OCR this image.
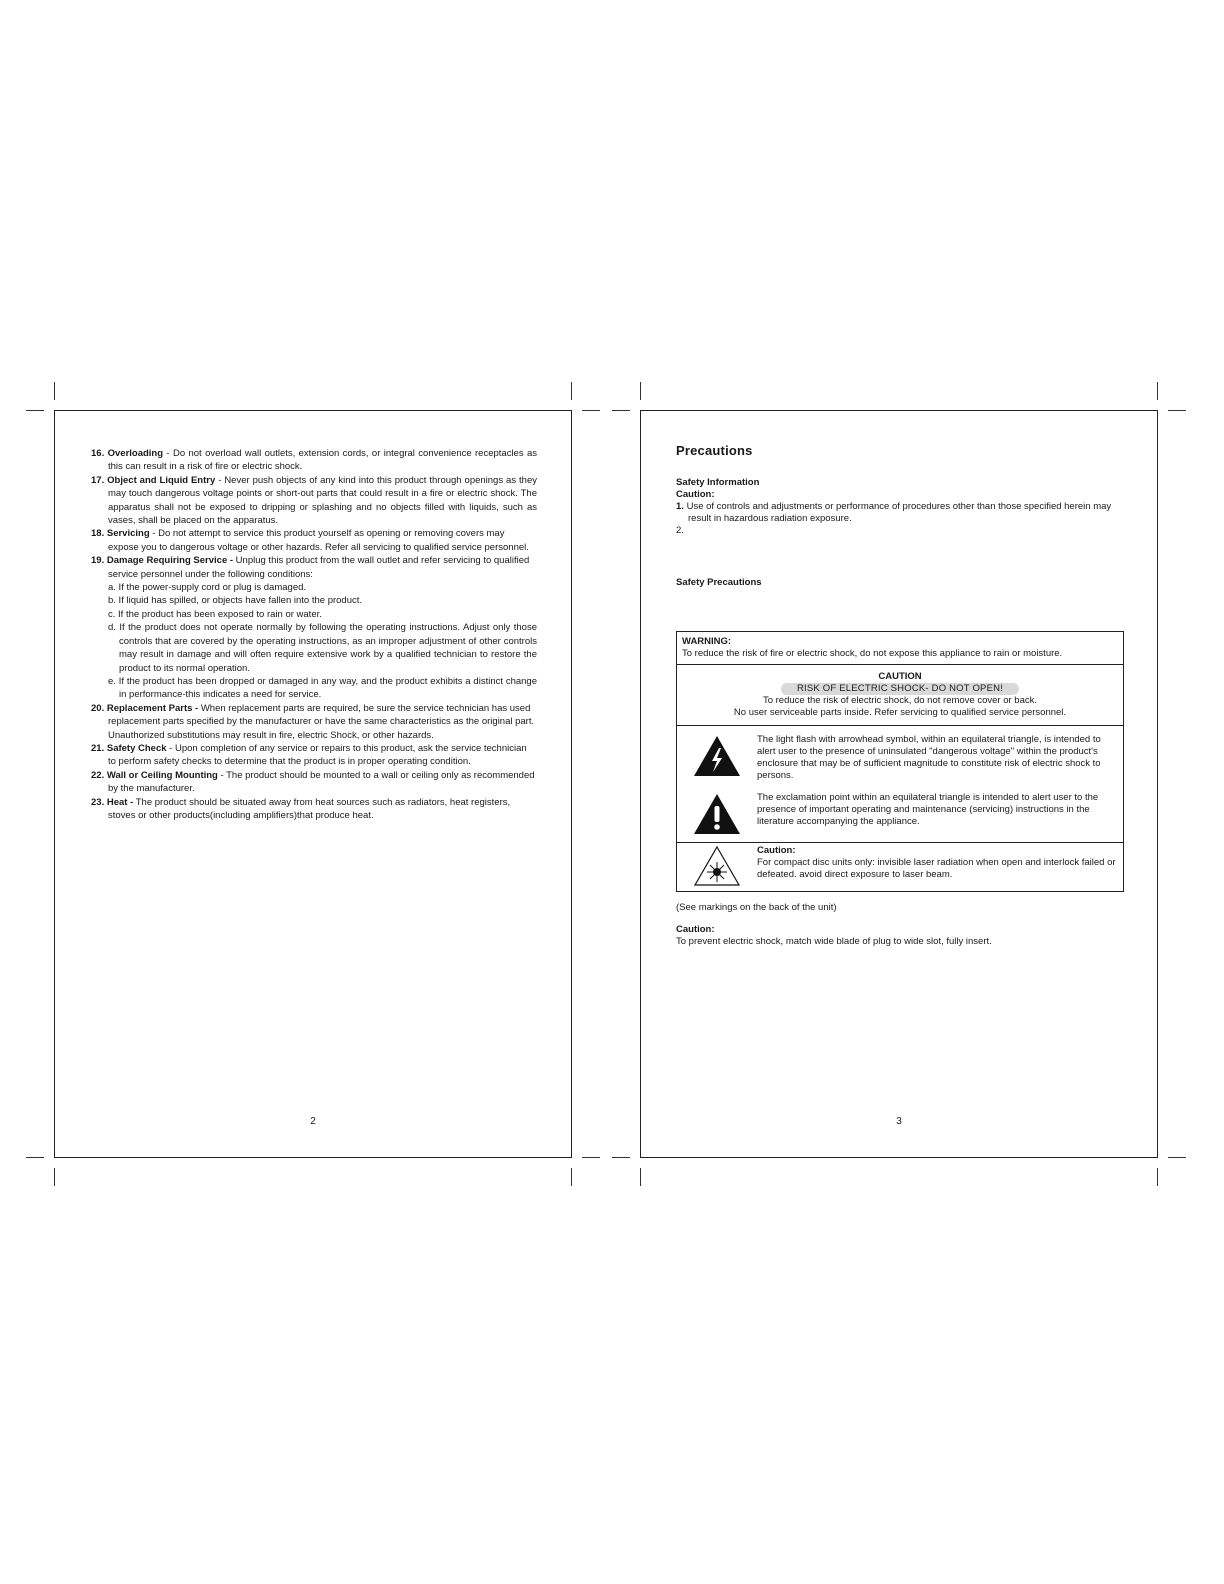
16. Overloading - Do not overload wall outlets, extension cords, or integral convenience receptacles as this can result in a risk of fire or electric shock.
17. Object and Liquid Entry - Never push objects of any kind into this product through openings as they may touch dangerous voltage points or short-out parts that could result in a fire or electric shock. The apparatus shall not be exposed to dripping or splashing and no objects filled with liquids, such as vases, shall be placed on the apparatus.
18. Servicing - Do not attempt to service this product yourself as opening or removing covers may expose you to dangerous voltage or other hazards. Refer all servicing to qualified service personnel.
19. Damage Requiring Service - Unplug this product from the wall outlet and refer servicing to qualified service personnel under the following conditions:
a. If the power-supply cord or plug is damaged.
b. If liquid has spilled, or objects have fallen into the product.
c. If the product has been exposed to rain or water.
d. If the product does not operate normally by following the operating instructions. Adjust only those controls that are covered by the operating instructions, as an improper adjustment of other controls may result in damage and will often require extensive work by a qualified technician to restore the product to its normal operation.
e. If the product has been dropped or damaged in any way, and the product exhibits a distinct change in performance-this indicates a need for service.
20. Replacement Parts - When replacement parts are required, be sure the service technician has used replacement parts specified by the manufacturer or have the same characteristics as the original part. Unauthorized substitutions may result in fire, electric Shock, or other hazards.
21. Safety Check - Upon completion of any service or repairs to this product, ask the service technician to perform safety checks to determine that the product is in proper operating condition.
22. Wall or Ceiling Mounting - The product should be mounted to a wall or ceiling only as recommended by the manufacturer.
23. Heat - The product should be situated away from heat sources such as radiators, heat registers, stoves or other products(including amplifiers)that produce heat.
2
Precautions
Safety Information
Caution:
1. Use of controls and adjustments or performance of procedures other than those specified herein may result in hazardous radiation exposure.
2.
Safety Precautions
WARNING:
To reduce the risk of fire or electric shock, do not expose this appliance to rain or moisture.
CAUTION
RISK OF ELECTRIC SHOCK- DO NOT OPEN!
To reduce the risk of electric shock, do not remove cover or back.
No user serviceable parts inside. Refer servicing to qualified service personnel.
The light flash with arrowhead symbol, within an equilateral triangle, is intended to alert user to the presence of uninsulated "dangerous voltage" within the product's enclosure that may be of sufficient magnitude to constitute risk of electric shock to persons.
The exclamation point within an equilateral triangle is intended to alert user to the presence of important operating and maintenance (servicing) instructions in the literature accompanying the appliance.
Caution:
For compact disc units only: invisible laser radiation when open and interlock failed or defeated. avoid direct exposure to laser beam.
(See markings on the back of the unit)
Caution:
To prevent electric shock, match wide blade of plug to wide slot, fully insert.
3
